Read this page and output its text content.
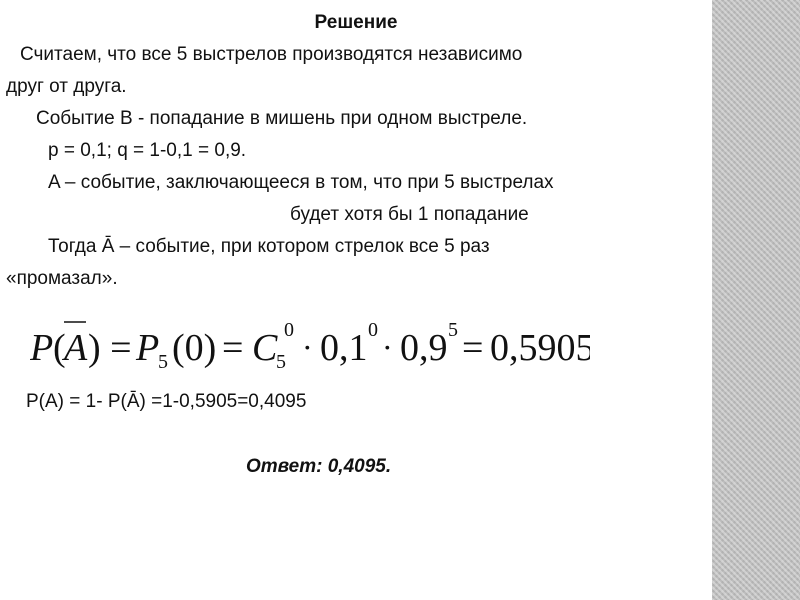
Решение
Считаем, что все 5 выстрелов производятся независимо
друг от друга.
Событие B - попадание в мишень при одном выстреле.
p = 0,1; q = 1-0,1 = 0,9.
A – событие, заключающееся в том, что при 5 выстрелах
будет хотя бы 1 попадание
Тогда Ā – событие, при котором стрелок все 5 раз
«промазал».
P (
A ) = P
5 (0) = C
5
0 · 0,1 0 · 0,9 5 = 0,5905
P(A) = 1- P(Ā) =1-0,5905=0,4095
Ответ: 0,4095.
